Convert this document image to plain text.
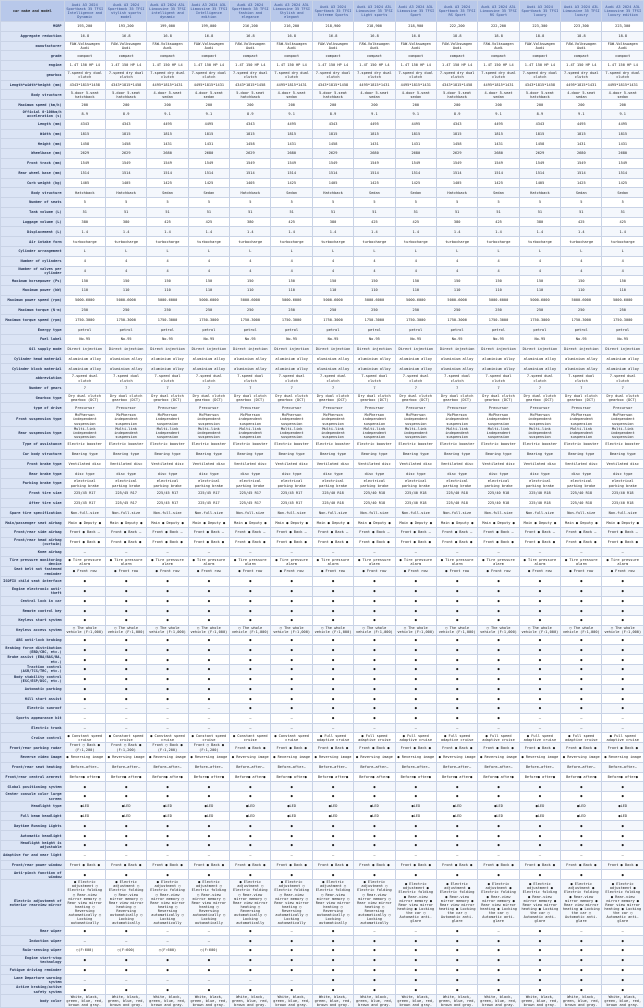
car make and model	Audi A3 2024 Sportback 35 TFSI Intelligence and Dynamic	Audi A3 2024 Sportback 35 TFSI stylish sports model	Audi A3 2024 A3L Limousine 35 TFSI intelligent and dynamic	Audi A3 2024 A3L Limousine 35 TFSI Intelligence edition	Audi A3 2024 Sportback 35 TFSI fashion and elegance	Audi A3 2024 A3L Limousine 35 TFSI Stylish and elegant	Audi A3 2024 Sportback 35 TFSI Extreme Sports	Audi A3 2024 A3L Limousine 35 TFSI Light sports	Audi A3 2024 A3L Limousine 35 TFSI Sport	Audi A3 2024 Sportback 35 TFSI RS Sport	Audi A3 2024 A3L Limousine 35 TFSI RS Sport	Audi A3 2024 Sportback 35 TFSI luxury	Audi A3 2024 A3L Limousine 35 TFSI luxury	Audi A3 2024 A3L Limousine 35 TFSI luxury edition
MSRP	193,200	193,200	199,000	199,000	216,200	216,200	218,900	218,900	218,900	222,200	222,200	223,300	223,300	223,300
Aggregate reduction	16.8	16.8	16.8	16.8	16.8	16.8	16.8	16.8	16.8	18.8	18.8	18.8	18.8	18.8
manufacturer	FAW-Volkswagen Audi	FAW-Volkswagen Audi	FAW-Volkswagen Audi	FAW-Volkswagen Audi	FAW-Volkswagen Audi	FAW-Volkswagen Audi	FAW-Volkswagen Audi	FAW-Volkswagen Audi	FAW-Volkswagen Audi	FAW-Volkswagen Audi	FAW-Volkswagen Audi	FAW-Volkswagen Audi	FAW-Volkswagen Audi	FAW-Volkswagen Audi
grade	compact	compact	compact	compact	compact	compact	compact	compact	compact	compact	compact	compact	compact	compact
engine	1.4T 150 HP L4	1.4T 150 HP L4	1.4T 150 HP L4	1.4T 150 HP L4	1.4T 150 HP L4	1.4T 150 HP L4	1.4T 150 HP L4	1.4T 150 HP L4	1.4T 150 HP L4	1.4T 150 HP L4	1.4T 150 HP L4	1.4T 150 HP L4	1.4T 150 HP L4	1.4T 150 HP L4
gearbox	7-speed dry dual clutch	7-speed dry dual clutch	7-speed dry dual clutch	7-speed dry dual clutch	7-speed dry dual clutch	7-speed dry dual clutch	7-speed dry dual clutch	7-speed dry dual clutch	7-speed dry dual clutch	7-speed dry dual clutch	7-speed dry dual clutch	7-speed dry dual clutch	7-speed dry dual clutch	7-speed dry dual clutch
Length*width*height (mm)	4343*1815*1458	4343*1815*1458	4495*1815*1431	4495*1815*1431	4343*1815*1458	4495*1815*1431	4343*1815*1458	4495*1815*1431	4495*1815*1431	4343*1815*1458	4495*1815*1431	4343*1815*1458	4495*1815*1431	4495*1815*1431
Body structure	5-door 5-seat hatchback	5-door 5-seat hatchback	4-door 5-seat sedan	4-door 5-seat sedan	5-door 5-seat hatchback	4-door 5-seat sedan	5-door 5-seat hatchback	4-door 5-seat sedan	4-door 5-seat sedan	5-door 5-seat hatchback	4-door 5-seat sedan	5-door 5-seat hatchback	4-door 5-seat sedan	4-door 5-seat sedan
Maximum speed (km/h)	200	200	200	200	200	200	200	200	200	200	200	200	200	200
Official 0-100km/h acceleration (s)	8.9	8.9	9.1	9.1	8.9	9.1	8.9	9.1	9.1	8.9	9.1	8.9	9.1	9.1
Length (mm)	4343	4343	4495	4495	4343	4495	4343	4495	4495	4343	4495	4343	4495	4495
Width (mm)	1815	1815	1815	1815	1815	1815	1815	1815	1815	1815	1815	1815	1815	1815
Height (mm)	1458	1458	1431	1431	1458	1431	1458	1431	1431	1458	1431	1458	1431	1431
Wheelbase (mm)	2629	2629	2680	2680	2629	2680	2629	2680	2680	2629	2680	2629	2680	2680
Front track (mm)	1549	1549	1549	1549	1549	1549	1549	1549	1549	1549	1549	1549	1549	1549
Rear wheel base (mm)	1514	1514	1514	1514	1514	1514	1514	1514	1514	1514	1514	1514	1514	1514
Curb weight (kg)	1405	1405	1425	1425	1405	1425	1405	1425	1425	1405	1425	1405	1425	1425
Body structure	Hatchback	Hatchback	Sedan	Sedan	Hatchback	Sedan	Hatchback	Sedan	Sedan	Hatchback	Sedan	Hatchback	Sedan	Sedan
Number of seats	5	5	5	5	5	5	5	5	5	5	5	5	5	5
Tank volume (L)	51	51	51	51	51	51	51	51	51	51	51	51	51	51
Luggage volume (L)	380	380	425	425	380	425	380	425	425	380	425	380	425	425
Displacement (L)	1.4	1.4	1.4	1.4	1.4	1.4	1.4	1.4	1.4	1.4	1.4	1.4	1.4	1.4
Air intake form	turbocharge	turbocharge	turbocharge	turbocharge	turbocharge	turbocharge	turbocharge	turbocharge	turbocharge	turbocharge	turbocharge	turbocharge	turbocharge	turbocharge
Cylinder arrangement	L	L	L	L	L	L	L	L	L	L	L	L	L	L
Number of cylinders	4	4	4	4	4	4	4	4	4	4	4	4	4	4
Number of valves per cylinder	4	4	4	4	4	4	4	4	4	4	4	4	4	4
Maximum horsepower (Ps)	150	150	150	150	150	150	150	150	150	150	150	150	150	150
Maximum power (kW)	110	110	110	110	110	110	110	110	110	110	110	110	110	110
Maximum power speed (rpm)	5000-6000	5000-6000	5000-6000	5000-6000	5000-6000	5000-6000	5000-6000	5000-6000	5000-6000	5000-6000	5000-6000	5000-6000	5000-6000	5000-6000
Maximum torque (N·m)	250	250	250	250	250	250	250	250	250	250	250	250	250	250
Maximum torque speed (rpm)	1750-3000	1750-3000	1750-3000	1750-3000	1750-3000	1750-3000	1750-3000	1750-3000	1750-3000	1750-3000	1750-3000	1750-3000	1750-3000	1750-3000
Energy type	petrol	petrol	petrol	petrol	petrol	petrol	petrol	petrol	petrol	petrol	petrol	petrol	petrol	petrol
Fuel label	No.95	No.95	No.95	No.95	No.95	No.95	No.95	No.95	No.95	No.95	No.95	No.95	No.95	No.95
Oil supply mode	Direct injection	Direct injection	Direct injection	Direct injection	Direct injection	Direct injection	Direct injection	Direct injection	Direct injection	Direct injection	Direct injection	Direct injection	Direct injection	Direct injection
Cylinder head material	aluminium alloy	aluminium alloy	aluminium alloy	aluminium alloy	aluminium alloy	aluminium alloy	aluminium alloy	aluminium alloy	aluminium alloy	aluminium alloy	aluminium alloy	aluminium alloy	aluminium alloy	aluminium alloy
Cylinder block material	aluminium alloy	aluminium alloy	aluminium alloy	aluminium alloy	aluminium alloy	aluminium alloy	aluminium alloy	aluminium alloy	aluminium alloy	aluminium alloy	aluminium alloy	aluminium alloy	aluminium alloy	aluminium alloy
abbreviation	7-speed dual clutch	7-speed dual clutch	7-speed dual clutch	7-speed dual clutch	7-speed dual clutch	7-speed dual clutch	7-speed dual clutch	7-speed dual clutch	7-speed dual clutch	7-speed dual clutch	7-speed dual clutch	7-speed dual clutch	7-speed dual clutch	7-speed dual clutch
Number of gears	7	7	7	7	7	7	7	7	7	7	7	7	7	7
Gearbox type	Dry dual clutch gearbox (DCT)	Dry dual clutch gearbox (DCT)	Dry dual clutch gearbox (DCT)	Dry dual clutch gearbox (DCT)	Dry dual clutch gearbox (DCT)	Dry dual clutch gearbox (DCT)	Dry dual clutch gearbox (DCT)	Dry dual clutch gearbox (DCT)	Dry dual clutch gearbox (DCT)	Dry dual clutch gearbox (DCT)	Dry dual clutch gearbox (DCT)	Dry dual clutch gearbox (DCT)	Dry dual clutch gearbox (DCT)	Dry dual clutch gearbox (DCT)
type of drive	Precursor	Precursor	Precursor	Precursor	Precursor	Precursor	Precursor	Precursor	Precursor	Precursor	Precursor	Precursor	Precursor	Precursor
Front suspension type	McPherson independent suspension	McPherson independent suspension	McPherson independent suspension	McPherson independent suspension	McPherson independent suspension	McPherson independent suspension	McPherson independent suspension	McPherson independent suspension	McPherson independent suspension	McPherson independent suspension	McPherson independent suspension	McPherson independent suspension	McPherson independent suspension	McPherson independent suspension
Rear suspension type	Multi-link independent suspension	Multi-link independent suspension	Multi-link independent suspension	Multi-link independent suspension	Multi-link independent suspension	Multi-link independent suspension	Multi-link independent suspension	Multi-link independent suspension	Multi-link independent suspension	Multi-link independent suspension	Multi-link independent suspension	Multi-link independent suspension	Multi-link independent suspension	Multi-link independent suspension
Type of assistance	Electric booster	Electric booster	Electric booster	Electric booster	Electric booster	Electric booster	Electric booster	Electric booster	Electric booster	Electric booster	Electric booster	Electric booster	Electric booster	Electric booster
Car body structure	Bearing type	Bearing type	Bearing type	Bearing type	Bearing type	Bearing type	Bearing type	Bearing type	Bearing type	Bearing type	Bearing type	Bearing type	Bearing type	Bearing type
Front brake type	Ventilated disc	Ventilated disc	Ventilated disc	Ventilated disc	Ventilated disc	Ventilated disc	Ventilated disc	Ventilated disc	Ventilated disc	Ventilated disc	Ventilated disc	Ventilated disc	Ventilated disc	Ventilated disc
Rear brake type	disc type	disc type	disc type	disc type	disc type	disc type	disc type	disc type	disc type	disc type	disc type	disc type	disc type	disc type
Parking brake type	electrical parking brake	electrical parking brake	electrical parking brake	electrical parking brake	electrical parking brake	electrical parking brake	electrical parking brake	electrical parking brake	electrical parking brake	electrical parking brake	electrical parking brake	electrical parking brake	electrical parking brake	electrical parking brake
Front tire size	225/45 R17	225/45 R17	225/45 R17	225/45 R17	225/45 R17	225/45 R17	225/40 R18	225/40 R18	225/40 R18	225/40 R18	225/40 R18	225/40 R18	225/40 R18	225/40 R18
After tire size	225/45 R17	225/45 R17	225/45 R17	225/45 R17	225/45 R17	225/45 R17	225/40 R18	225/40 R18	225/40 R18	225/40 R18	225/40 R18	225/40 R18	225/40 R18	225/40 R18
Spare tire specification	Non-full-size	Non-full-size	Non-full-size	Non-full-size	Non-full-size	Non-full-size	Non-full-size	Non-full-size	Non-full-size	Non-full-size	Non-full-size	Non-full-size	Non-full-size	Non-full-size
Main/passenger seat airbag	Main ● Deputy ●	Main ● Deputy ●	Main ● Deputy ●	Main ● Deputy ●	Main ● Deputy ●	Main ● Deputy ●	Main ● Deputy ●	Main ● Deputy ●	Main ● Deputy ●	Main ● Deputy ●	Main ● Deputy ●	Main ● Deputy ●	Main ● Deputy ●	Main ● Deputy ●
Front/rear side airbag	Front ● Back —	Front ● Back —	Front ● Back —	Front ● Back —	Front ● Back —	Front ● Back —	Front ● Back —	Front ● Back —	Front ● Back —	Front ● Back —	Front ● Back —	Front ● Back —	Front ● Back —	Front ● Back —
Front/rear head airbag (curtain)	Front ● Back ●	Front ● Back ●	Front ● Back ●	Front ● Back ●	Front ● Back ●	Front ● Back ●	Front ● Back ●	Front ● Back ●	Front ● Back ●	Front ● Back ●	Front ● Back ●	Front ● Back ●	Front ● Back ●	Front ● Back ●
Knee airbag	—	—	—	—	—	—	—	—	—	—	—	—	—	—
Tire pressure monitoring device	● Tire pressure alarm	● Tire pressure alarm	● Tire pressure alarm	● Tire pressure alarm	● Tire pressure alarm	● Tire pressure alarm	● Tire pressure alarm	● Tire pressure alarm	● Tire pressure alarm	● Tire pressure alarm	● Tire pressure alarm	● Tire pressure alarm	● Tire pressure alarm	● Tire pressure alarm
Seat belt not fastened reminder	● Front row	● Front row	● Front row	● Front row	● Front row	● Front row	● Front row	● Front row	● Front row	● Front row	● Front row	● Front row	● Front row	● Front row
ISOFIX child seat interface	●	●	●	●	●	●	●	●	●	●	●	●	●	●
Engine electronic anti-theft	●	●	●	●	●	●	●	●	●	●	●	●	●	●
Central lock in car	●	●	●	●	●	●	●	●	●	●	●	●	●	●
Remote control key	●	●	●	●	●	●	●	●	●	●	●	●	●	●
Keyless start system	●	●	●	●	●	●	●	●	●	●	●	●	●	●
Keyless access system	○ The whole vehicle (F:1,000)	○ The whole vehicle (F:1,000)	○ The whole vehicle (F:1,000)	○ The whole vehicle (F:1,000)	○ The whole vehicle (F:1,000)	○ The whole vehicle (F:1,000)	○ The whole vehicle (F:1,000)	○ The whole vehicle (F:1,000)	○ The whole vehicle (F:1,000)	○ The whole vehicle (F:1,000)	○ The whole vehicle (F:1,000)	○ The whole vehicle (F:1,000)	○ The whole vehicle (F:1,000)	○ The whole vehicle (F:1,000)
ABS anti-lock braking	●	●	●	●	●	●	●	●	●	●	●	●	●	●
Braking force distribution (EBD/CBC, etc.)	●	●	●	●	●	●	●	●	●	●	●	●	●	●
Brake assist (EBA/BAS/BA, etc.)	●	●	●	●	●	●	●	●	●	●	●	●	●	●
Traction control (ASR/TCS/TRC, etc.)	●	●	●	●	●	●	●	●	●	●	●	●	●	●
Body stability control (ESC/ESP/DSC, etc.)	●	●	●	●	●	●	●	●	●	●	●	●	●	●
Automatic parking	●	●	●	●	●	●	●	●	●	●	●	●	●	●
Hill start assist	●	●	●	●	●	●	●	●	●	●	●	●	●	●
Electric sunroof	—	—	—	—	●	●	●	●	●	●	●	●	●	●
Sports appearance kit	—	—	—	—	—	—	●	●	●	●	●	—	—	—
Electric trunk	—	—	—	—	—	—	—	—	—	—	—	—	—	—
Cruise control	● Constant speed cruise	● Constant speed cruise	● Constant speed cruise	● Constant speed cruise	● Constant speed cruise	● Constant speed cruise	● Full speed adaptive cruise	● Full speed adaptive cruise	● Full speed adaptive cruise	● Full speed adaptive cruise	● Full speed adaptive cruise	● Full speed adaptive cruise	● Full speed adaptive cruise	● Full speed adaptive cruise
Front/rear parking radar	Front ○ Back ● (F:1,200)	Front ○ Back ● (F:1,200)	Front ○ Back ● (F:1,200)	Front ○ Back ● (F:1,200)	Front ● Back ●	Front ● Back ●	Front ● Back ●	Front ● Back ●	Front ● Back ●	Front ● Back ●	Front ● Back ●	Front ● Back ●	Front ● Back ●	Front ● Back ●
Reverse video image	● Reversing image	● Reversing image	● Reversing image	● Reversing image	● Reversing image	● Reversing image	● Reversing image	● Reversing image	● Reversing image	● Reversing image	● Reversing image	● Reversing image	● Reversing image	● Reversing image
Front/rear seat heating	Before—after—	Before—after—	Before—after—	Before—after—	Before—after—	Before—after—	Before—after—	Before—after—	Before—after—	Before—after—	Before—after—	Before—after—	Before—after—	Before—after—
Front/rear central armrest	Before● after●	Before● after●	Before● after●	Before● after●	Before● after●	Before● after●	Before● after●	Before● after●	Before● after●	Before● after●	Before● after●	Before● after●	Before● after●	Before● after●
Global positioning system	●	●	●	●	●	●	●	●	●	●	●	●	●	●
Center console color large screen	●	●	●	●	●	●	●	●	●	●	●	●	●	●
Headlight type	●LED	●LED	●LED	●LED	●LED	●LED	●LED	●LED	●LED	●LED	●LED	●LED	●LED	●LED
Full beam headlight	●LED	●LED	●LED	●LED	●LED	●LED	●LED	●LED	●LED	●LED	●LED	●LED	●LED	●LED
Daytime Running Lights	●	●	●	●	●	●	●	●	●	●	●	●	●	●
Automatic headlight	●	●	●	●	●	●	●	●	●	●	●	●	●	●
Headlight height is adjustable	●	●	●	●	●	●	●	●	●	●	●	●	●	●
Adaptive far and near light	—	—	—	—	—	—	—	—	—	—	—	—	—	—
Front/rear power window	Front ● Back ●	Front ● Back ●	Front ● Back ●	Front ● Back ●	Front ● Back ●	Front ● Back ●	Front ● Back ●	Front ● Back ●	Front ● Back ●	Front ● Back ●	Front ● Back ●	Front ● Back ●	Front ● Back ●	Front ● Back ●
Anti-pinch function of window	●	●	●	●	●	●	●	●	●	●	●	●	●	●
Electric adjustment of exterior rearview mirror	● Electric adjustment ○ Electric folding ○ Rear-view mirror memory ○ Rear view mirror heating ○ Reversing automatically ○ Locking automatically	● Electric adjustment ○ Electric folding ○ Rear-view mirror memory ○ Rear view mirror heating ○ Reversing automatically ○ Locking automatically	● Electric adjustment ○ Electric folding ○ Rear-view mirror memory ○ Rear view mirror heating ○ Reversing automatically ○ Locking automatically	● Electric adjustment ○ Electric folding ○ Rear-view mirror memory ○ Rear view mirror heating ○ Reversing automatically ○ Locking automatically	● Electric adjustment ○ Electric folding ○ Rear-view mirror memory ○ Rear view mirror heating ○ Reversing automatically ○ Locking automatically	● Electric adjustment ○ Electric folding ○ Rear-view mirror memory ○ Rear view mirror heating ○ Reversing automatically ○ Locking automatically	● Electric adjustment ○ Electric folding ○ Rear-view mirror memory ○ Rear view mirror heating ○ Reversing automatically ○ Locking automatically	● Electric adjustment ○ Electric folding ○ Rear-view mirror memory ○ Rear view mirror heating ○ Reversing automatically ○ Locking automatically	● Electric adjustment ● Electric folding ● Rear-view mirror memory ● Rear view mirror heating ● Locking the car ○ Automatic anti-glare	● Electric adjustment ● Electric folding ● Rear-view mirror memory ● Rear view mirror heating ● Locking the car ○ Automatic anti-glare	● Electric adjustment ● Electric folding ● Rear-view mirror memory ● Rear view mirror heating ● Locking the car ○ Automatic anti-glare	● Electric adjustment ● Electric folding ● Rear-view mirror memory ● Rear view mirror heating ● Locking the car ○ Automatic anti-glare	● Electric adjustment ● Electric folding ● Rear-view mirror memory ● Rear view mirror heating ● Locking the car ○ Automatic anti-glare	● Electric adjustment ● Electric folding ● Rear-view mirror memory ● Rear view mirror heating ● Locking the car ○ Automatic anti-glare
Rear wiper	●	●	—	—	●	—	●	—	—	●	—	●	—	—
Induction wiper	—	—	—	—	●	●	●	●	●	●	●	●	●	●
Rain-sensing wiper	○(F:600)	○(F:600)	○(F:600)	○(F:600)	●	●	●	●	●	●	●	●	●	●
Engine start-stop technology	●	●	●	●	●	●	●	●	●	●	●	●	●	●
Fatigue driving reminder	●	●	●	●	●	●	●	●	●	●	●	●	●	●
Lane Departure warning system	—	—	—	—	—	—	●	●	●	●	●	●	●	●
Active braking/active safety system	●	●	●	●	●	●	●	●	●	●	●	●	●	●
body color	White, black, green, blue, red, brown and gray.	White, black, green, blue, red, brown and gray.	White, black, green, blue, red, brown and gray.	White, black, green, blue, red, brown and gray.	White, black, green, blue, red, brown and gray.	White, black, green, blue, red, brown and gray.	White, black, green, blue, red, brown and gray.	White, black, green, blue, red, brown and gray.	White, black, green, blue, red, brown and gray.	White, black, green, blue, red, brown and gray.	White, black, green, blue, red, brown and gray.	White, black, green, blue, red, brown and gray.	White, black, green, blue, red, brown and gray.	White, black, green, blue, red, brown and gray.
